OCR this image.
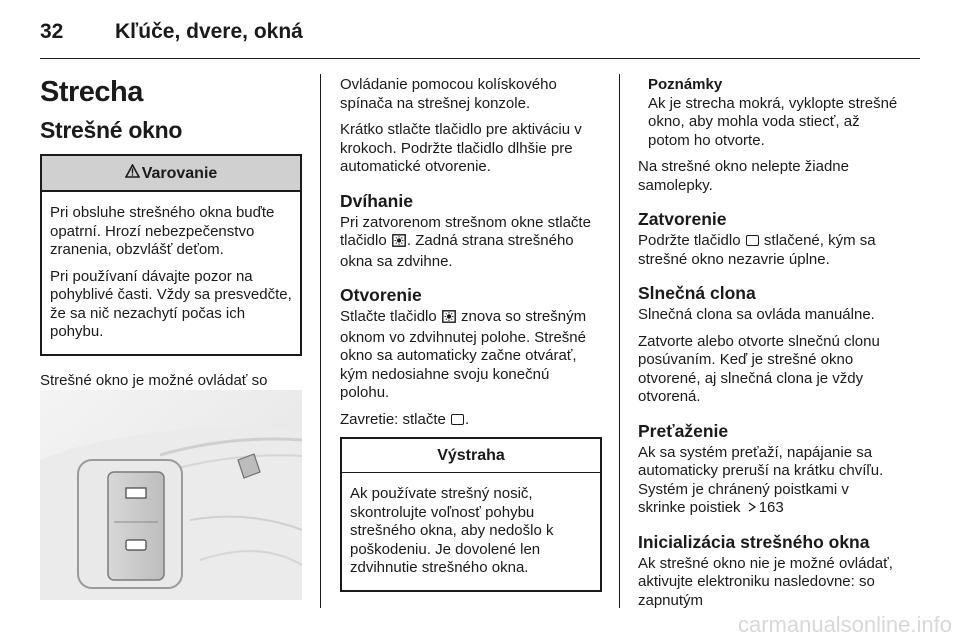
32 Kľúče, dvere, okná
Strecha
Strešné okno
Varovanie

Pri obsluhe strešného okna buďte opatrní. Hrozí nebezpečenstvo zranenia, obzvlášť deťom.

Pri používaní dávajte pozor na pohyblivé časti. Vždy sa presvedčte, že sa nič nezachytí počas ich pohybu.

Strešné okno je možné ovládať so

Ovládanie pomocou kolískového spínača na strešnej konzole.

Krátko stlačte tlačidlo pre aktiváciu v krokoch. Podržte tlačidlo dlhšie pre automatické otvorenie.

Dvíhanie

Pri zatvorenom strešnom okne stlačte tlačidlo . Zadná strana strešného okna sa zdvihne.

Otvorenie

Stlačte tlačidlo  znova so strešným oknom vo zdvihnutej polohe. Strešné okno sa automaticky začne otvárať, kým nedosiahne svoju konečnú polohu.

Zavretie: stlačte .

Výstraha

Ak používate strešný nosič, skontrolujte voľnosť pohybu strešného okna, aby nedošlo k poškodeniu. Je dovolené len zdvihnutie strešného okna.

Poznámky

Ak je strecha mokrá, vyklopte strešné okno, aby mohla voda stiecť, až potom ho otvorte.

Na strešné okno nelepte žiadne samolepky.

Zatvorenie

Podržte tlačidlo  stlačené, kým sa strešné okno nezavrie úplne.

Slnečná clona

Slnečná clona sa ovláda manuálne.

Zatvorte alebo otvorte slnečnú clonu posúvaním. Keď je strešné okno otvorené, aj slnečná clona je vždy otvorená.

Preťaženie

Ak sa systém preťaží, napájanie sa automaticky preruší na krátku chvíľu. Systém je chránený poistkami v skrinke poistiek 163

Inicializácia strešného okna

Ak strešné okno nie je možné ovládať, aktivujte elektroniku nasledovne: so zapnutým

carmanualsonline.info
